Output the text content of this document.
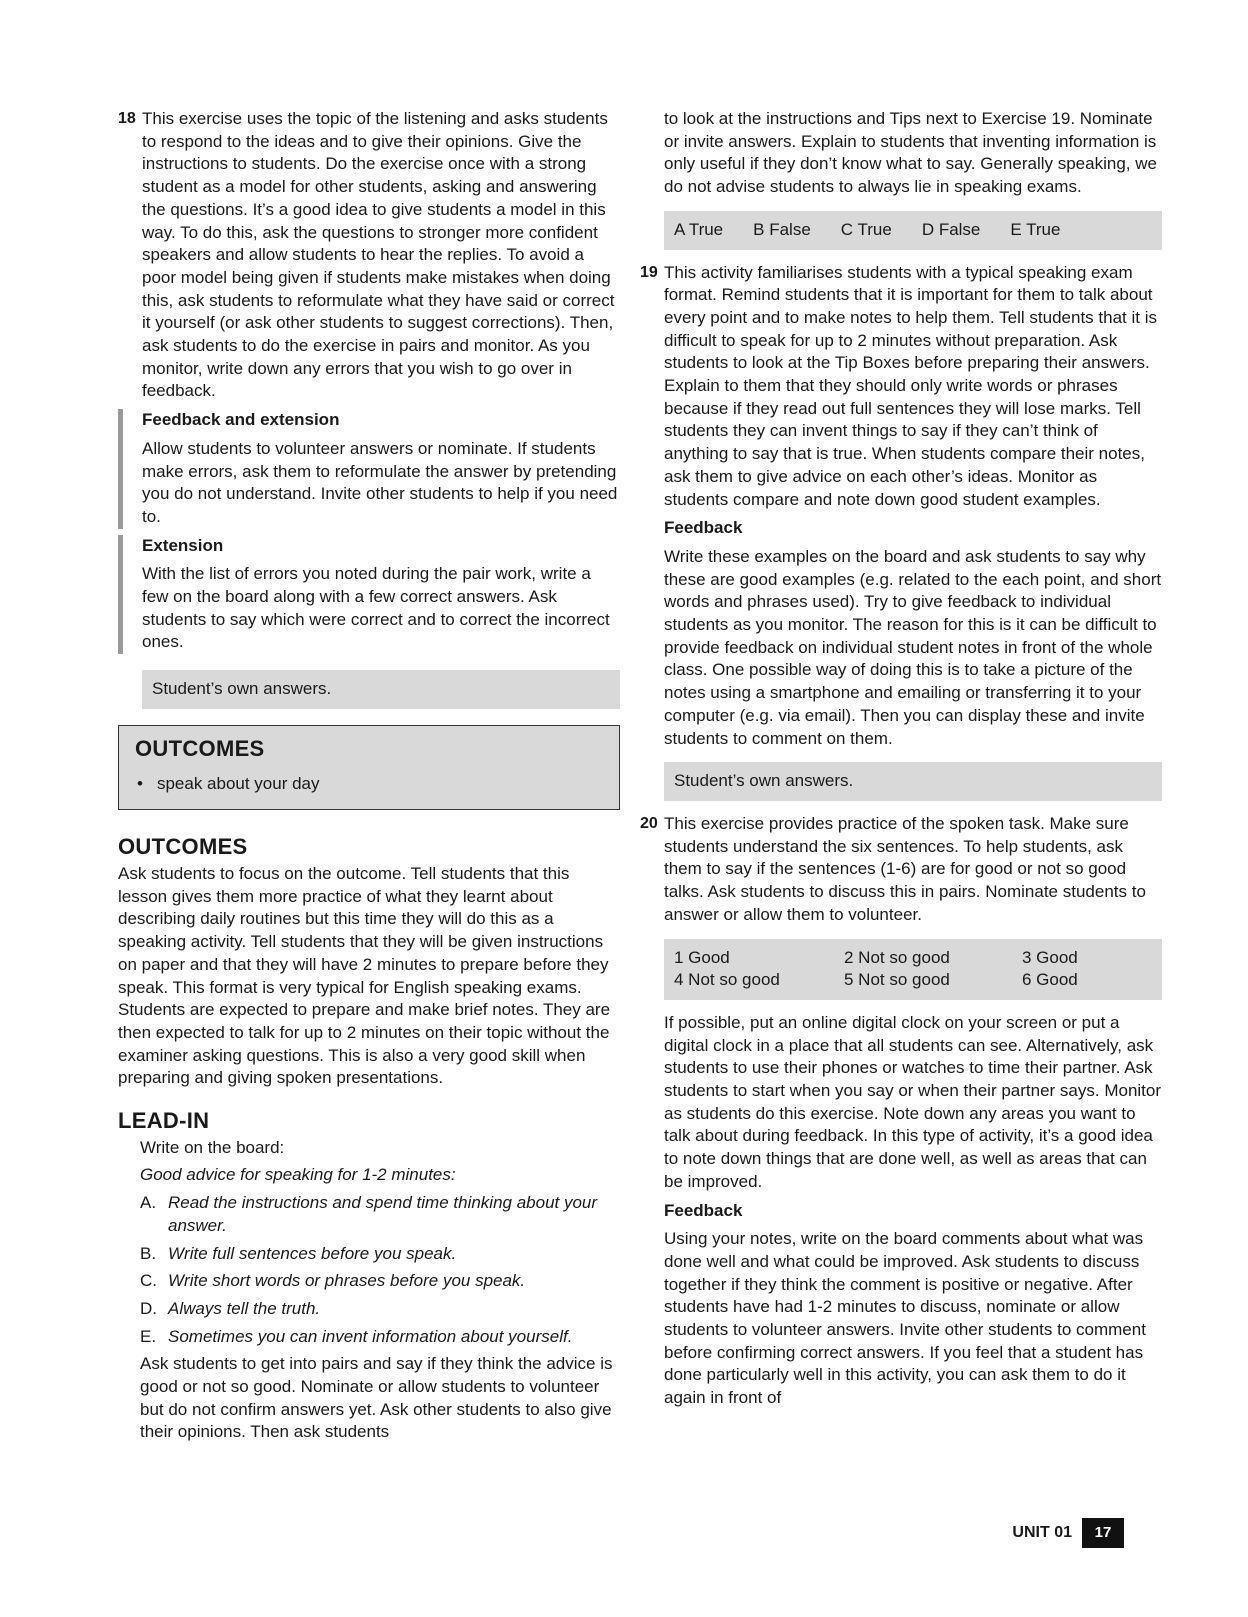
18 This exercise uses the topic of the listening and asks students to respond to the ideas and to give their opinions. Give the instructions to students. Do the exercise once with a strong student as a model for other students, asking and answering the questions. It’s a good idea to give students a model in this way. To do this, ask the questions to stronger more confident speakers and allow students to hear the replies. To avoid a poor model being given if students make mistakes when doing this, ask students to reformulate what they have said or correct it yourself (or ask other students to suggest corrections). Then, ask students to do the exercise in pairs and monitor. As you monitor, write down any errors that you wish to go over in feedback.

Feedback and extension

Allow students to volunteer answers or nominate. If students make errors, ask them to reformulate the answer by pretending you do not understand. Invite other students to help if you need to.

Extension

With the list of errors you noted during the pair work, write a few on the board along with a few correct answers. Ask students to say which were correct and to correct the incorrect ones.

Student’s own answers.
OUTCOMES
• speak about your day
OUTCOMES

Ask students to focus on the outcome. Tell students that this lesson gives them more practice of what they learnt about describing daily routines but this time they will do this as a speaking activity. Tell students that they will be given instructions on paper and that they will have 2 minutes to prepare before they speak. This format is very typical for English speaking exams. Students are expected to prepare and make brief notes. They are then expected to talk for up to 2 minutes on their topic without the examiner asking questions. This is also a very good skill when preparing and giving spoken presentations.

LEAD-IN

Write on the board:

Good advice for speaking for 1-2 minutes:

A. Read the instructions and spend time thinking about your answer.
B. Write full sentences before you speak.
C. Write short words or phrases before you speak.
D. Always tell the truth.
E. Sometimes you can invent information about yourself.

Ask students to get into pairs and say if they think the advice is good or not so good. Nominate or allow students to volunteer but do not confirm answers yet. Ask other students to also give their opinions. Then ask students

to look at the instructions and Tips next to Exercise 19. Nominate or invite answers. Explain to students that inventing information is only useful if they don’t know what to say. Generally speaking, we do not advise students to always lie in speaking exams.

A True B False C True D False E True
19 This activity familiarises students with a typical speaking exam format. Remind students that it is important for them to talk about every point and to make notes to help them. Tell students that it is difficult to speak for up to 2 minutes without preparation. Ask students to look at the Tip Boxes before preparing their answers. Explain to them that they should only write words or phrases because if they read out full sentences they will lose marks. Tell students they can invent things to say if they can’t think of anything to say that is true. When students compare their notes, ask them to give advice on each other’s ideas. Monitor as students compare and note down good student examples.

Feedback

Write these examples on the board and ask students to say why these are good examples (e.g. related to the each point, and short words and phrases used). Try to give feedback to individual students as you monitor. The reason for this is it can be difficult to provide feedback on individual student notes in front of the whole class. One possible way of doing this is to take a picture of the notes using a smartphone and emailing or transferring it to your computer (e.g. via email). Then you can display these and invite students to comment on them.

Student’s own answers.
20 This exercise provides practice of the spoken task. Make sure students understand the six sentences. To help students, ask them to say if the sentences (1-6) are for good or not so good talks. Ask students to discuss this in pairs. Nominate students to answer or allow them to volunteer.

1 Good	2 Not so good	3 Good
4 Not so good	5 Not so good	6 Good

If possible, put an online digital clock on your screen or put a digital clock in a place that all students can see. Alternatively, ask students to use their phones or watches to time their partner. Ask students to start when you say or when their partner says. Monitor as students do this exercise. Note down any areas you want to talk about during feedback. In this type of activity, it’s a good idea to note down things that are done well, as well as areas that can be improved.

Feedback

Using your notes, write on the board comments about what was done well and what could be improved. Ask students to discuss together if they think the comment is positive or negative. After students have had 1-2 minutes to discuss, nominate or allow students to volunteer answers. Invite other students to comment before confirming correct answers. If you feel that a student has done particularly well in this activity, you can ask them to do it again in front of

UNIT 01	17
